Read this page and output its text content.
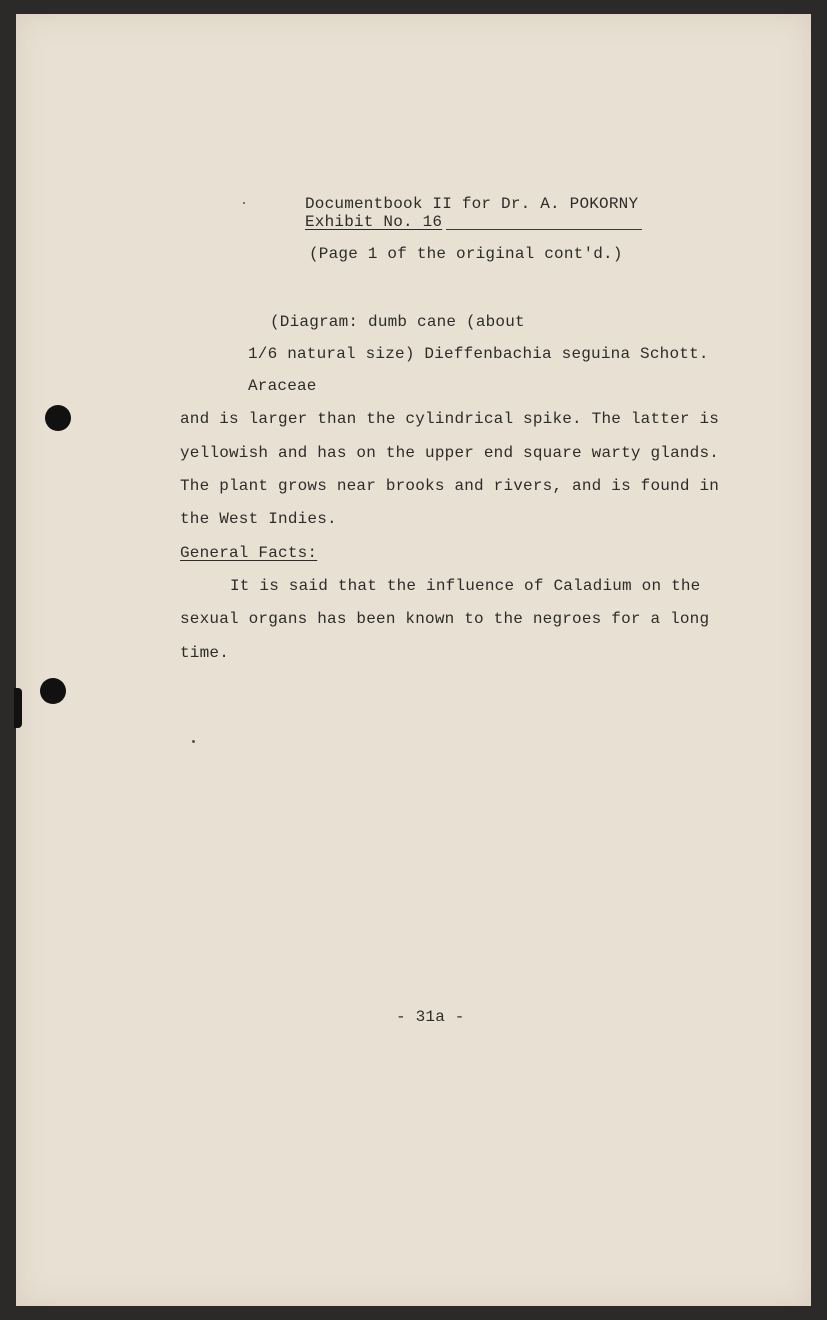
Documentbook II for Dr. A. POKORNY
Exhibit No. 16
(Page 1 of the original cont'd.)
(Diagram: dumb cane (about
1/6 natural size) Dieffenbachia seguina Schott.
Araceae
and is larger than the cylindrical spike. The latter is
yellowish and has on the upper end square warty glands.
The plant grows near brooks and rivers, and is found in
the West Indies.
General Facts:
It is said that the influence of Caladium on the
sexual organs has been known to the negroes for a long
time.
- 31a -
